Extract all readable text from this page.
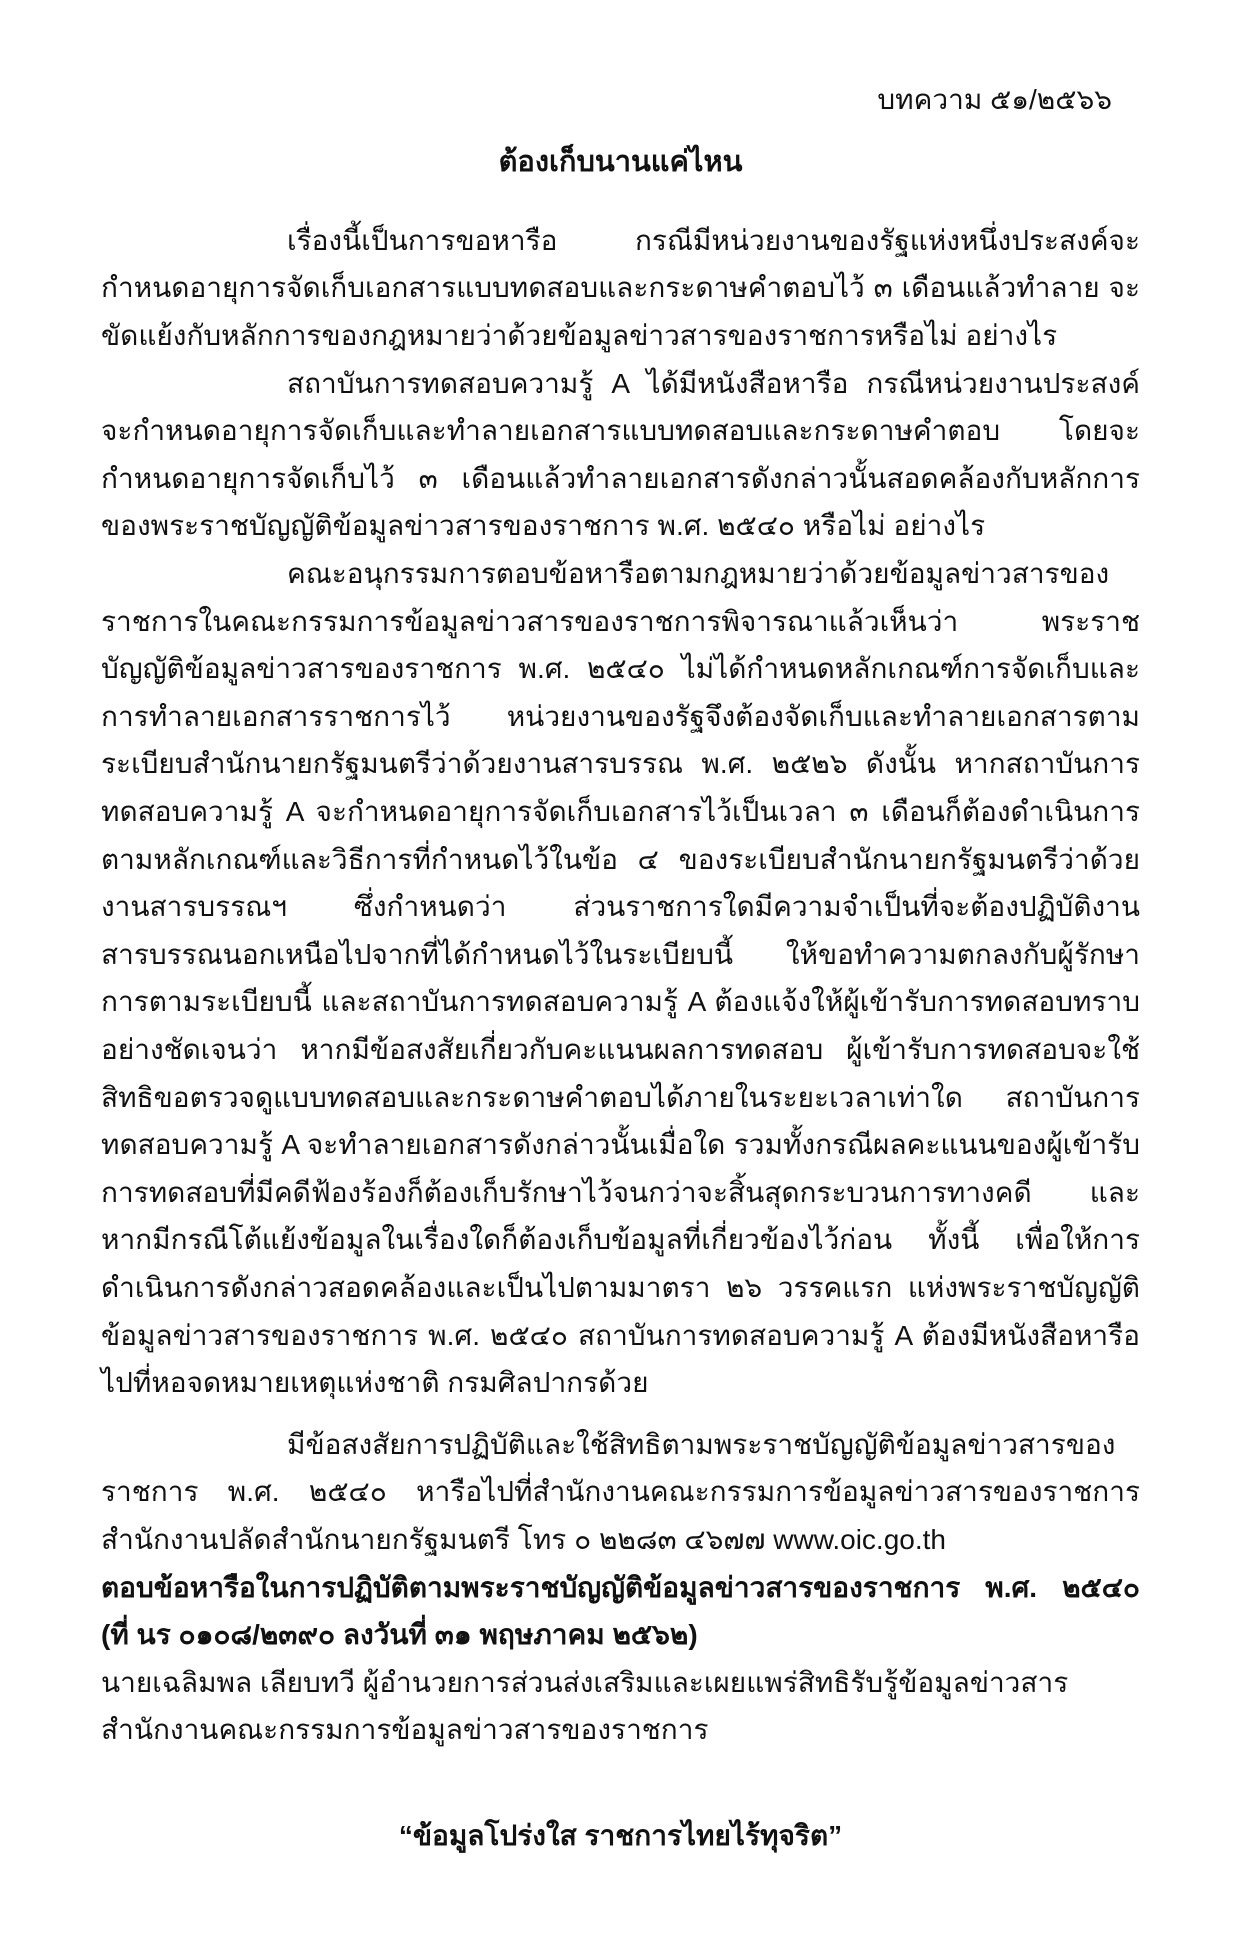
บทความ ๕๑/๒๕๖๖

ต้องเก็บนานแค่ไหน

เรื่องนี้เป็นการขอหารือ กรณีมีหน่วยงานของรัฐแห่งหนึ่งประสงค์จะกำหนดอายุการจัดเก็บเอกสารแบบทดสอบและกระดาษคำตอบไว้ ๓ เดือนแล้วทำลาย จะขัดแย้งกับหลักการของกฎหมายว่าด้วยข้อมูลข่าวสารของราชการหรือไม่ อย่างไร

สถาบันการทดสอบความรู้ A ได้มีหนังสือหารือ กรณีหน่วยงานประสงค์จะกำหนดอายุการจัดเก็บและทำลายเอกสารแบบทดสอบและกระดาษคำตอบ โดยจะกำหนดอายุการจัดเก็บไว้ ๓ เดือนแล้วทำลายเอกสารดังกล่าวนั้นสอดคล้องกับหลักการของพระราชบัญญัติข้อมูลข่าวสารของราชการ พ.ศ. ๒๕๔๐ หรือไม่ อย่างไร

คณะอนุกรรมการตอบข้อหารือตามกฎหมายว่าด้วยข้อมูลข่าวสารของราชการในคณะกรรมการข้อมูลข่าวสารของราชการพิจารณาแล้วเห็นว่า พระราชบัญญัติข้อมูลข่าวสารของราชการ พ.ศ. ๒๕๔๐ ไม่ได้กำหนดหลักเกณฑ์การจัดเก็บและการทำลายเอกสารราชการไว้ หน่วยงานของรัฐจึงต้องจัดเก็บและทำลายเอกสารตามระเบียบสำนักนายกรัฐมนตรีว่าด้วยงานสารบรรณ พ.ศ. ๒๕๒๖ ดังนั้น หากสถาบันการทดสอบความรู้ A จะกำหนดอายุการจัดเก็บเอกสารไว้เป็นเวลา ๓ เดือนก็ต้องดำเนินการตามหลักเกณฑ์และวิธีการที่กำหนดไว้ในข้อ ๔ ของระเบียบสำนักนายกรัฐมนตรีว่าด้วยงานสารบรรณฯ ซึ่งกำหนดว่า ส่วนราชการใดมีความจำเป็นที่จะต้องปฏิบัติงานสารบรรณนอกเหนือไปจากที่ได้กำหนดไว้ในระเบียบนี้ ให้ขอทำความตกลงกับผู้รักษาการตามระเบียบนี้ และสถาบันการทดสอบความรู้ A ต้องแจ้งให้ผู้เข้ารับการทดสอบทราบอย่างชัดเจนว่า หากมีข้อสงสัยเกี่ยวกับคะแนนผลการทดสอบ ผู้เข้ารับการทดสอบจะใช้สิทธิขอตรวจดูแบบทดสอบและกระดาษคำตอบได้ภายในระยะเวลาเท่าใด สถาบันการทดสอบความรู้ A จะทำลายเอกสารดังกล่าวนั้นเมื่อใด รวมทั้งกรณีผลคะแนนของผู้เข้ารับการทดสอบที่มีคดีฟ้องร้องก็ต้องเก็บรักษาไว้จนกว่าจะสิ้นสุดกระบวนการทางคดี และหากมีกรณีโต้แย้งข้อมูลในเรื่องใดก็ต้องเก็บข้อมูลที่เกี่ยวข้องไว้ก่อน ทั้งนี้ เพื่อให้การดำเนินการดังกล่าวสอดคล้องและเป็นไปตามมาตรา ๒๖ วรรคแรก แห่งพระราชบัญญัติข้อมูลข่าวสารของราชการ พ.ศ. ๒๕๔๐ สถาบันการทดสอบความรู้ A ต้องมีหนังสือหารือไปที่หอจดหมายเหตุแห่งชาติ กรมศิลปากรด้วย

มีข้อสงสัยการปฏิบัติและใช้สิทธิตามพระราชบัญญัติข้อมูลข่าวสารของราชการ พ.ศ. ๒๕๔๐ หารือไปที่สำนักงานคณะกรรมการข้อมูลข่าวสารของราชการ สำนักงานปลัดสำนักนายกรัฐมนตรี โทร ๐ ๒๒๘๓ ๔๖๗๗ www.oic.go.th

ตอบข้อหารือในการปฏิบัติตามพระราชบัญญัติข้อมูลข่าวสารของราชการ พ.ศ. ๒๕๔๐ (ที่ นร ๐๑๐๘/๒๓๙๐ ลงวันที่ ๓๑ พฤษภาคม ๒๕๖๒)

นายเฉลิมพล เลียบทวี ผู้อำนวยการส่วนส่งเสริมและเผยแพร่สิทธิรับรู้ข้อมูลข่าวสาร สำนักงานคณะกรรมการข้อมูลข่าวสารของราชการ

“ข้อมูลโปร่งใส ราชการไทยไร้ทุจริต”
